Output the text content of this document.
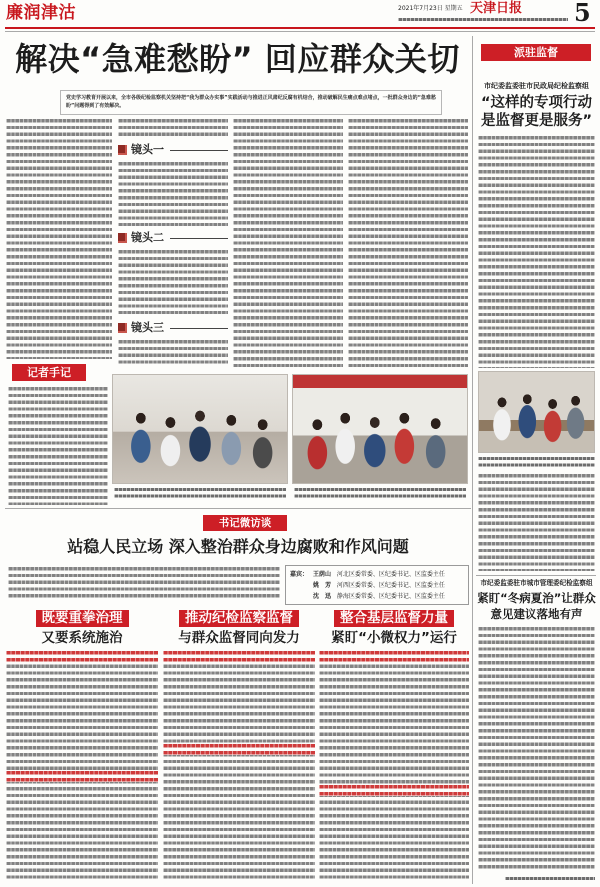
廉润津沽	2021年7月23日 星期五 天津日报 5
解决“急难愁盼” 回应群众关切
党史学习教育开展以来，全市各级纪检监察机关坚持把“我为群众办实事”实践活动与推进正风肃纪反腐有机结合，推动破解民生痛点难点堵点，一批群众身边的“急难愁盼”问题得到了有效解决。
镜头一
镜头二
镜头三
记者手记
书记微访谈
站稳人民立场 深入整治群众身边腐败和作风问题
嘉宾： 王荫山 河北区委常委、区纪委书记、区监委主任
姚　芳 河西区委常委、区纪委书记、区监委主任
沈　迅 静海区委常委、区纪委书记、区监委主任
既要重拳治理
又要系统施治
推动纪检监察监督
与群众监督同向发力
整合基层监督力量
紧盯“小微权力”运行
派驻监督
市纪委监委驻市民政局纪检监察组
“这样的专项行动
是监督更是服务”
市纪委监委驻市城市管理委纪检监察组
紧盯“冬病夏治”让群众
意见建议落地有声
